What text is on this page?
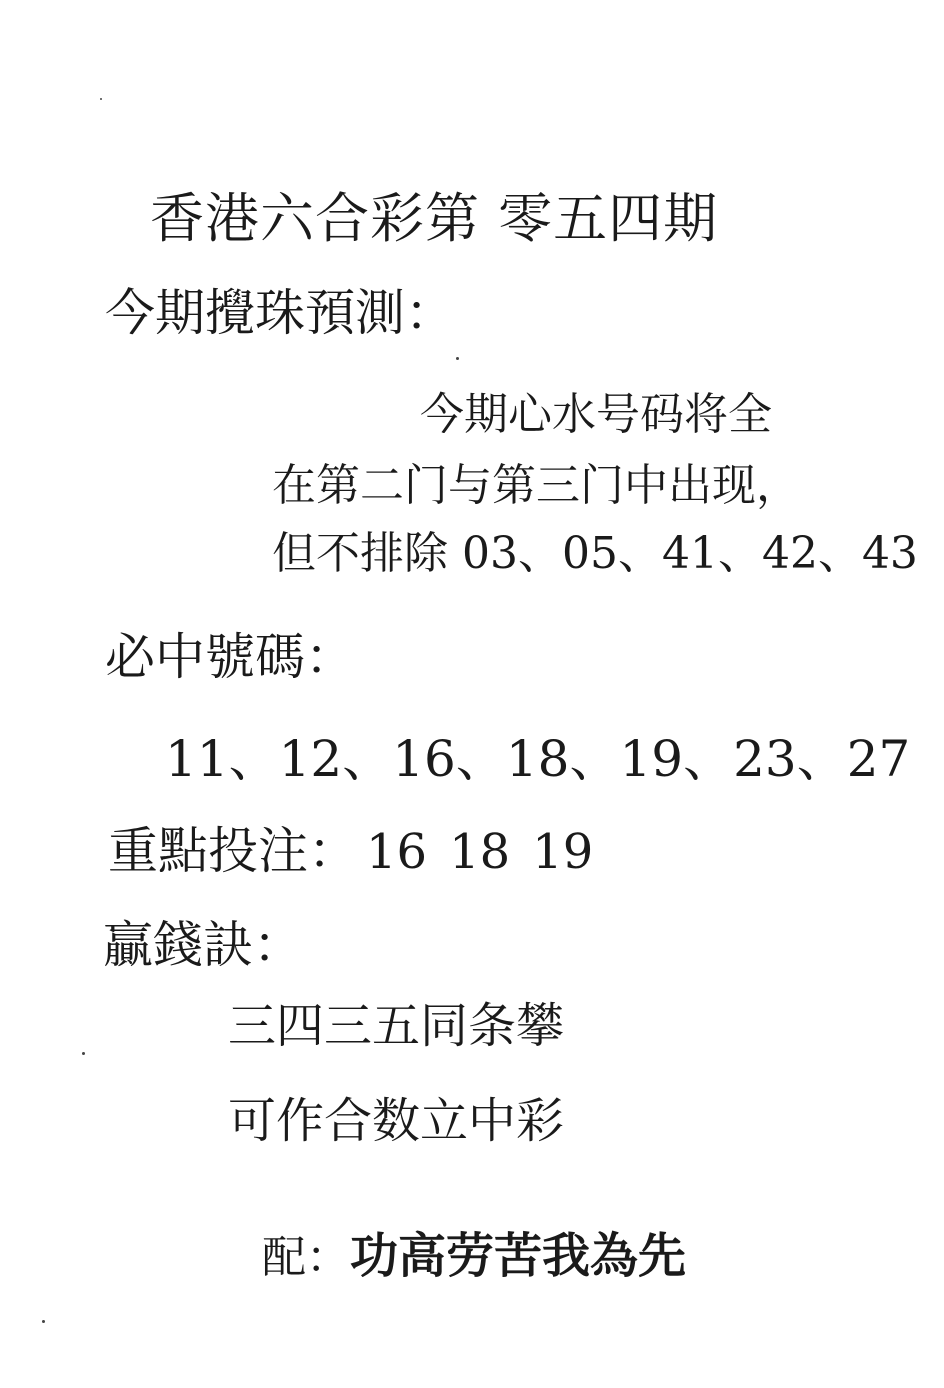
香港六合彩第 零五四期
今期攪珠預測：
今期心水号码将全
在第二门与第三门中出现，
但不排除 03、05、41、42、43
必中號碼：
11、12、16、18、19、23、27
重點投注： 16 18 19
贏錢訣：
三四三五同条攀
可作合数立中彩
配：功高劳苦我為先
